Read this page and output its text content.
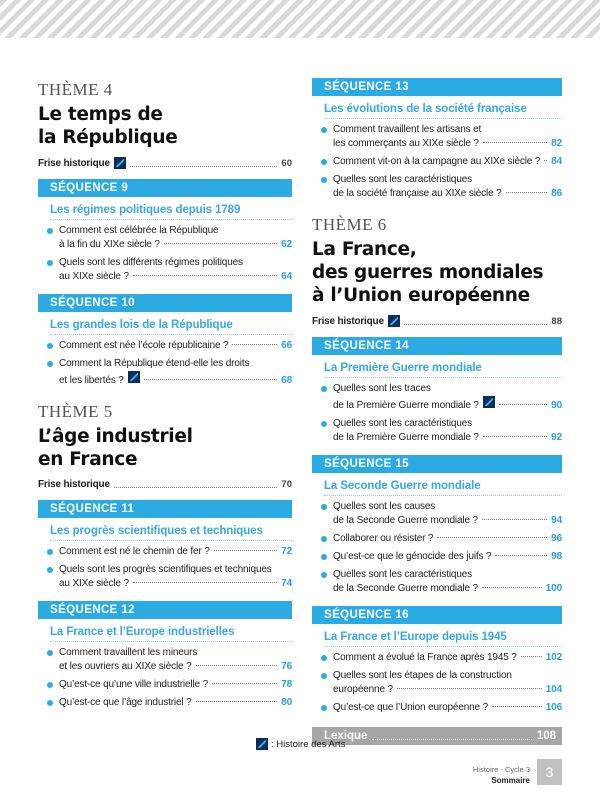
THÈME 4
Le temps de
la République
Frise historique	60
SÉQUENCE 9
Les régimes politiques depuis 1789
Comment est célébrée la République
à la fin du XIXe siècle ?	62
Quels sont les différents régimes politiques
au XIXe siècle ?	64
SÉQUENCE 10
Les grandes lois de la République
Comment est née l’école républicaine ?	66
Comment la République étend-elle les droits
et les libertés ?	68
THÈME 5
L’âge industriel
en France
Frise historique	70
SÉQUENCE 11
Les progrès scientifiques et techniques
Comment est né le chemin de fer ?	72
Quels sont les progrès scientifiques et techniques
au XIXe siècle ?	74
SÉQUENCE 12
La France et l’Europe industrielles
Comment travaillent les mineurs
et les ouvriers au XIXe siècle ?	76
Qu’est-ce qu’une ville industrielle ?	78
Qu’est-ce que l’âge industriel ?	80
SÉQUENCE 13
Les évolutions de la société française
Comment travaillent les artisans et
les commerçants au XIXe siècle ?	82
Comment vit-on à la campagne au XIXe siècle ? 84
Quelles sont les caractéristiques
de la société française au XIXe siècle ?	86
THÈME 6
La France,
des guerres mondiales
à l’Union européenne
Frise historique	88
SÉQUENCE 14
La Première Guerre mondiale
Quelles sont les traces
de la Première Guerre mondiale ?	90
Quelles sont les caractéristiques
de la Première Guerre mondiale ?	92
SÉQUENCE 15
La Seconde Guerre mondiale
Quelles sont les causes
de la Seconde Guerre mondiale ?	94
Collaborer ou résister ?	96
Qu’est-ce que le génocide des juifs ?	98
Quelles sont les caractéristiques
de la Seconde Guerre mondiale ?	100
SÉQUENCE 16
La France et l’Europe depuis 1945
Comment a évolué la France après 1945 ?	102
Quelles sont les étapes de la construction
européenne ?	104
Qu’est-ce que l’Union européenne ?	106
Lexique	108
: Histoire des Arts
Histoire - Cycle 3
Sommaire
3
